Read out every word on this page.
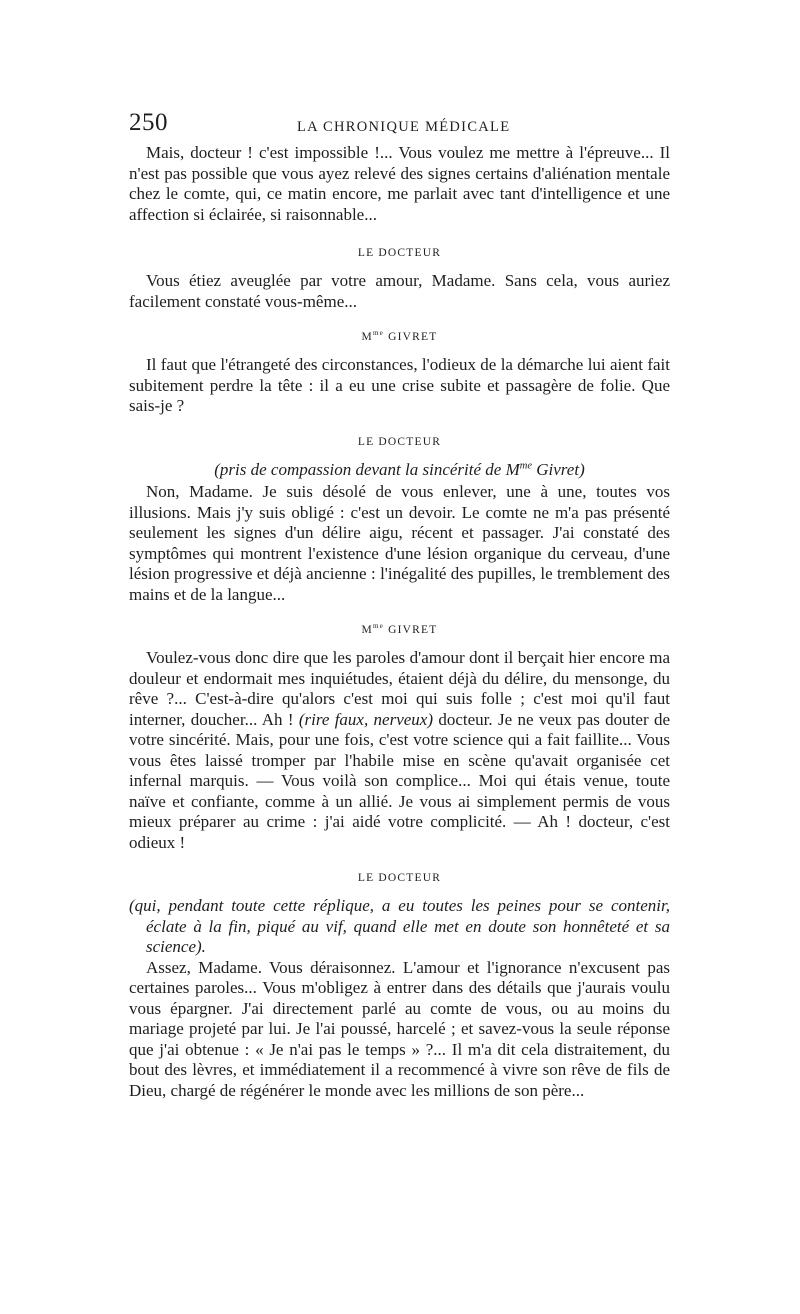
250	LA CHRONIQUE MÉDICALE

Mais, docteur ! c'est impossible !... Vous voulez me mettre à l'épreuve... Il n'est pas possible que vous ayez relevé des signes certains d'aliénation mentale chez le comte, qui, ce matin encore, me parlait avec tant d'intelligence et une affection si éclairée, si raisonnable...

LE DOCTEUR

Vous étiez aveuglée par votre amour, Madame. Sans cela, vous auriez facilement constaté vous-même...

$M^{me}$ GIVRET

Il faut que l'étrangeté des circonstances, l'odieux de la démarche lui aient fait subitement perdre la tête : il a eu une crise subite et passagère de folie. Que sais-je ?

LE DOCTEUR
(pris de compassion devant la sincérité de $M^{me}$ Givret)

Non, Madame. Je suis désolé de vous enlever, une à une, toutes vos illusions. Mais j'y suis obligé : c'est un devoir. Le comte ne m'a pas présenté seulement les signes d'un délire aigu, récent et passager. J'ai constaté des symptômes qui montrent l'existence d'une lésion organique du cerveau, d'une lésion progressive et déjà ancienne : l'inégalité des pupilles, le tremblement des mains et de la langue...

$M^{me}$ GIVRET

Voulez-vous donc dire que les paroles d'amour dont il berçait hier encore ma douleur et endormait mes inquiétudes, étaient déjà du délire, du mensonge, du rêve ?... C'est-à-dire qu'alors c'est moi qui suis folle ; c'est moi qu'il faut interner, doucher... Ah ! (rire faux, nerveux) docteur. Je ne veux pas douter de votre sincérité. Mais, pour une fois, c'est votre science qui a fait faillite... Vous vous êtes laissé tromper par l'habile mise en scène qu'avait organisée cet infernal marquis. — Vous voilà son complice... Moi qui étais venue, toute naïve et confiante, comme à un allié. Je vous ai simplement permis de vous mieux préparer au crime : j'ai aidé votre complicité. — Ah ! docteur, c'est odieux !

LE DOCTEUR

(qui, pendant toute cette réplique, a eu toutes les peines pour se contenir, éclate à la fin, piqué au vif, quand elle met en doute son honnêteté et sa science).

Assez, Madame. Vous déraisonnez. L'amour et l'ignorance n'excusent pas certaines paroles... Vous m'obligez à entrer dans des détails que j'aurais voulu vous épargner. J'ai directement parlé au comte de vous, ou au moins du mariage projeté par lui. Je l'ai poussé, harcelé ; et savez-vous la seule réponse que j'ai obtenue : « Je n'ai pas le temps » ?... Il m'a dit cela distraitement, du bout des lèvres, et immédiatement il a recommencé à vivre son rêve de fils de Dieu, chargé de régénérer le monde avec les millions de son père...
